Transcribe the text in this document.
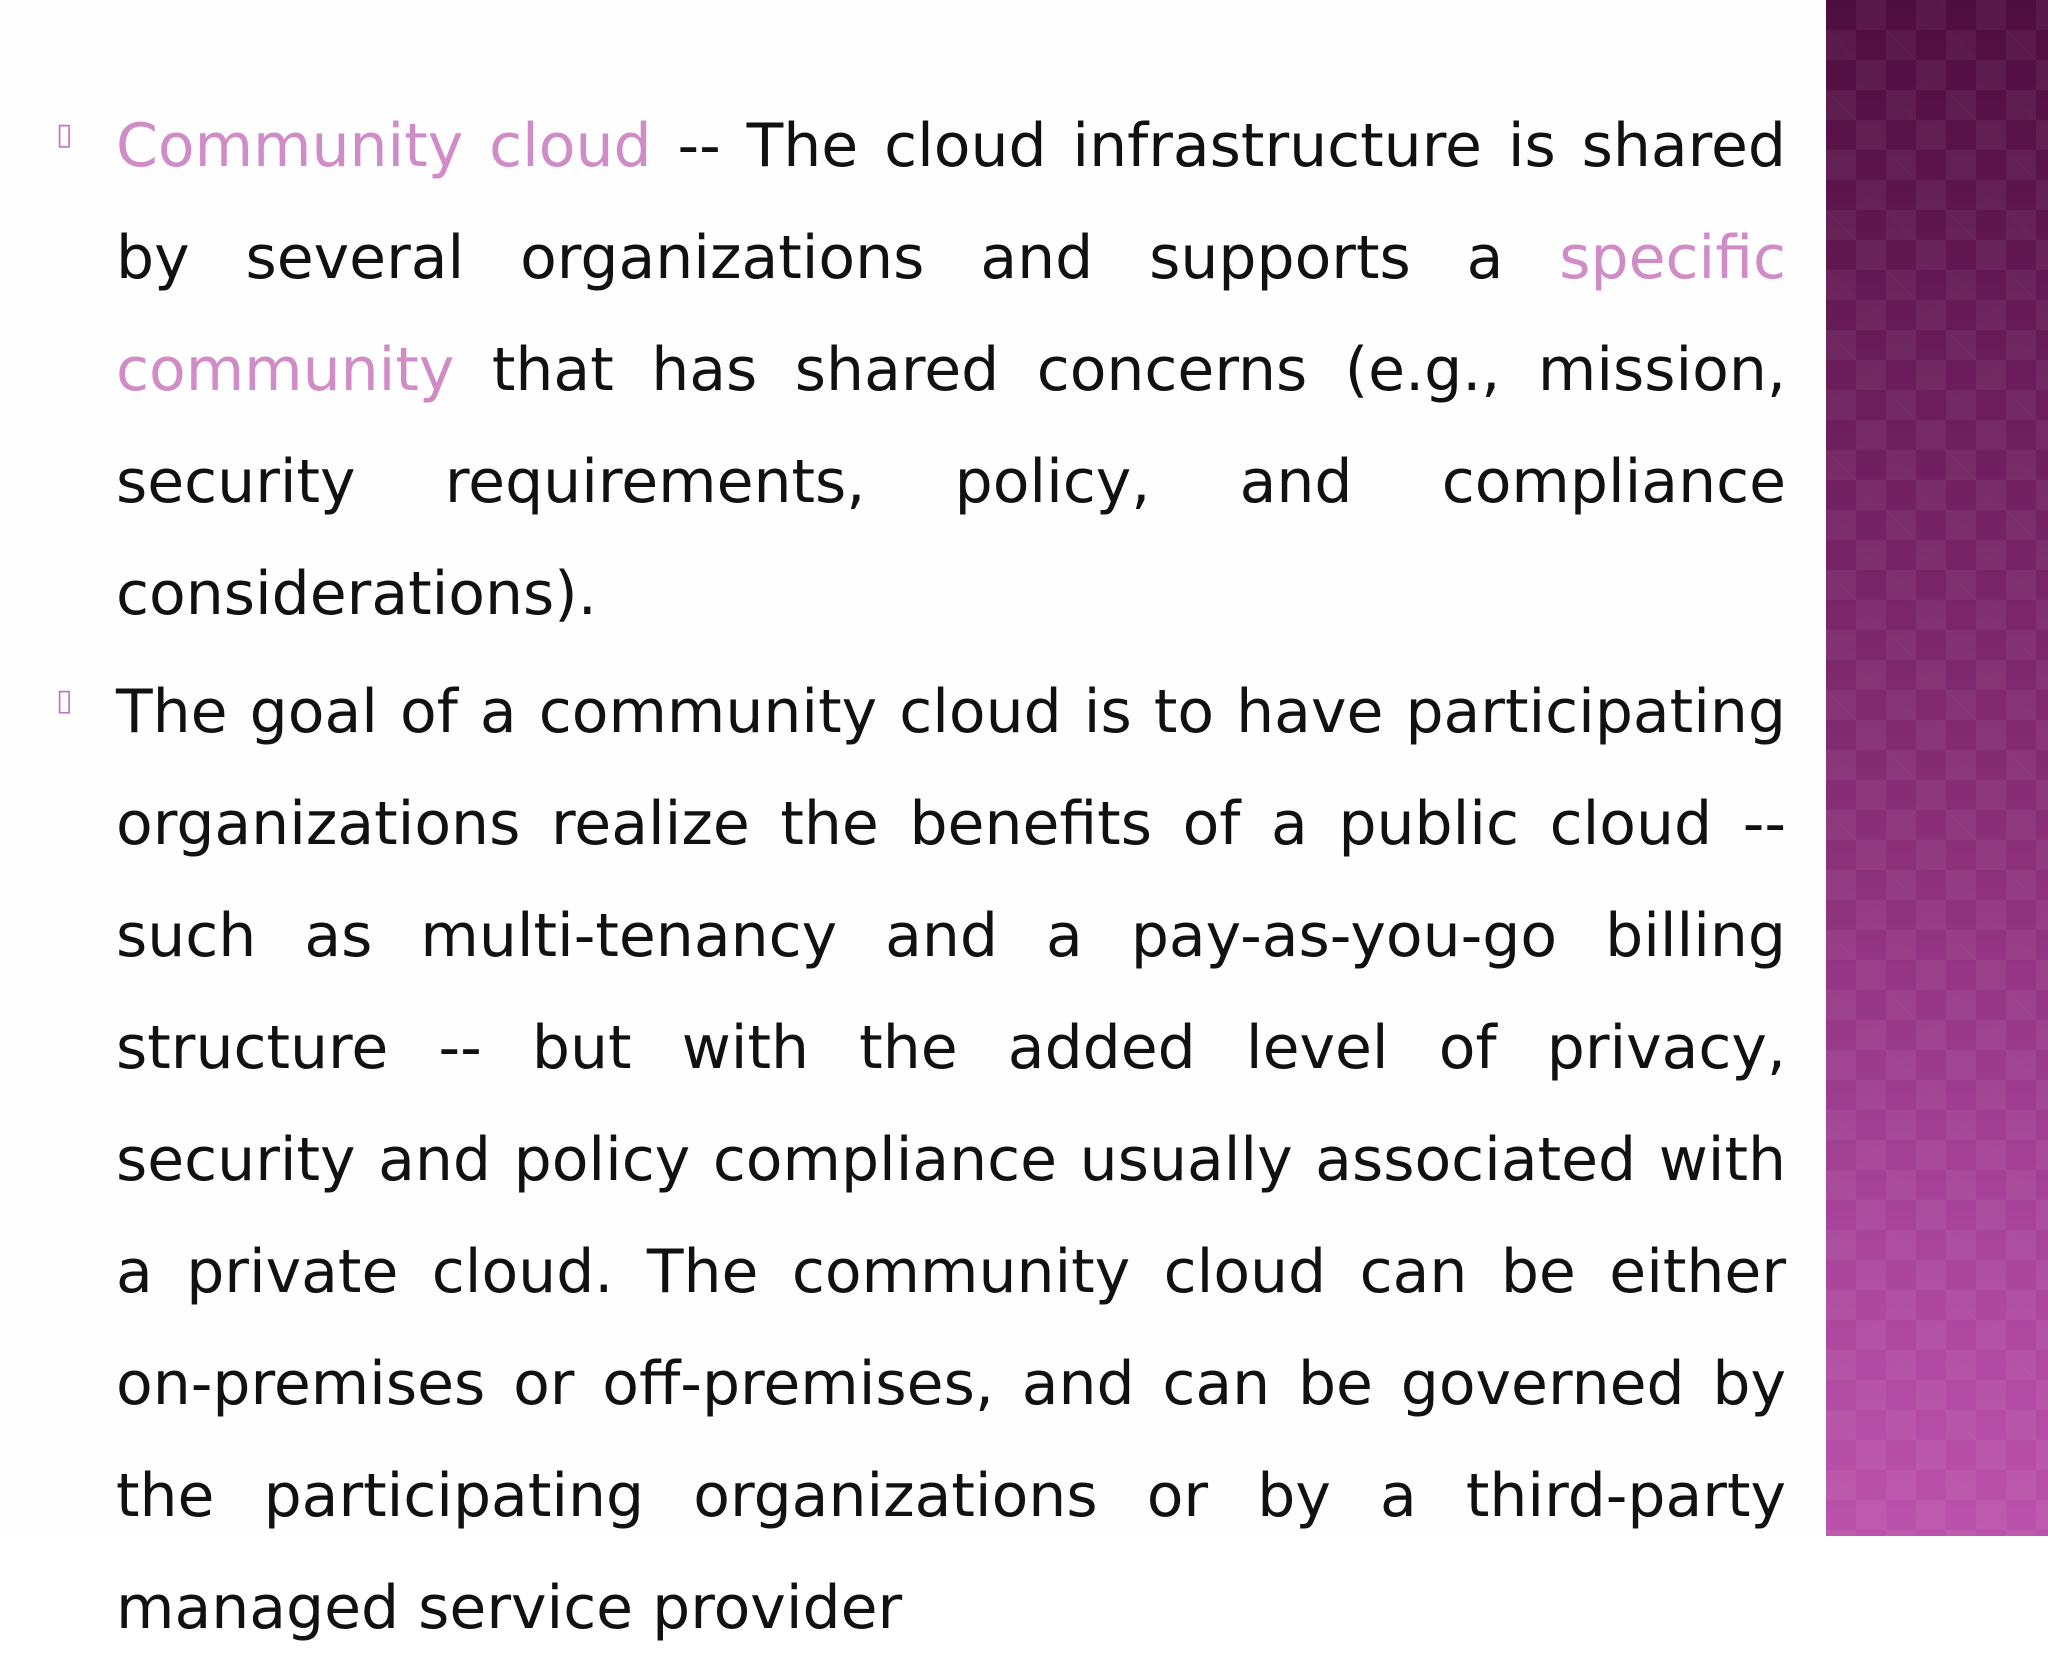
▯ Community cloud -- The cloud infrastructure is shared by several organizations and supports a specific community that has shared concerns (e.g., mission, security requirements, policy, and compliance considerations).

▯ The goal of a community cloud is to have participating organizations realize the benefits of a public cloud -- such as multi-tenancy and a pay-as-you-go billing structure -- but with the added level of privacy, security and policy compliance usually associated with a private cloud. The community cloud can be either on-premises or off-premises, and can be governed by the participating organizations or by a third-party managed service provider
